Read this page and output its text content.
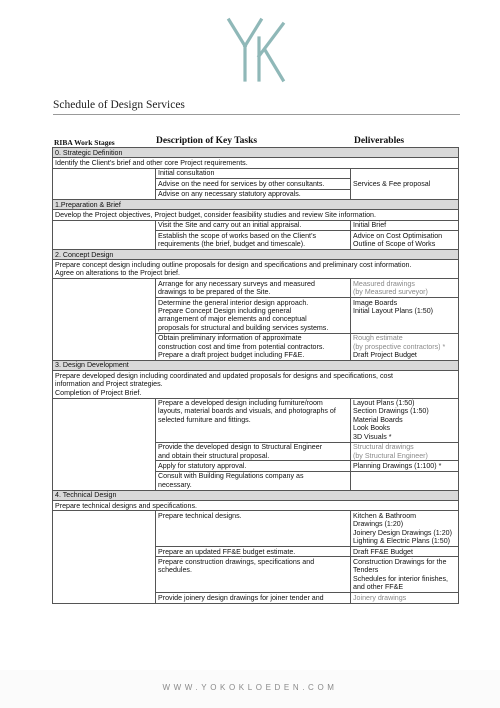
Schedule of Design Services
RIBA Work Stages	Description of Key Tasks	Deliverables
0. Strategic Definition		
Identify the Client’s brief and other core Project requirements.		
	Initial consultation	Services & Fee proposal
	Advise on the need for services by other consultants.	
	Advise on any necessary statutory approvals.	
1.Preparation & Brief		
Develop the Project objectives, Project budget, consider feasibility studies and review Site information.		
	Visit the Site and carry out an initial appraisal.	Initial Brief

	Establish the scope of works based on the Client’s
requirements (the brief, budget and timescale).	Advice on Cost Optimisation
Outline of Scope of Works

2. Concept Design		

Prepare concept design including outline proposals for design and specifications and preliminary cost information.
Agree on alterations to the Project brief.		

	Arrange for any necessary surveys and measured
drawings to be prepared of the Site.	Measured drawings
(by Measured surveyor)

	Determine the general interior design approach.
Prepare Concept Design including general
arrangement of major elements and conceptual
proposals for structural and building services systems.	Image Boards
Initial Layout Plans (1:50)

	Obtain preliminary information of approximate
construction cost and time from potential contractors.
Prepare a draft project budget including FF&E.	Rough estimate
(by prospective contractors) *
Draft Project Budget

3. Design Development		

Prepare developed design including coordinated and updated proposals for designs and specifications, cost
information and Project strategies.
Completion of Project Brief.		

	Prepare a developed design including furniture/room
layouts, material boards and visuals, and photographs of
selected furniture and fittings.	Layout Plans (1:50)
Section Drawings (1:50)
Material Boards
Look Books
3D Visuals *

	Provide the developed design to Structural Engineer
and obtain their structural proposal.	Structural drawings
(by Structural Engineer)

	Apply for statutory approval.	Planning Drawings (1:100) *

	Consult with Building Regulations company as
necessary.	

4. Technical Design		
Prepare technical designs and specifications.		
	Prepare technical designs.	Kitchen & Bathroom
Drawings (1:20)
Joinery Design Drawings (1:20)
Lighting & Electric Plans (1:50)

	Prepare an updated FF&E budget estimate.	Draft FF&E Budget

	Prepare construction drawings, specifications and
schedules.	Construction Drawings for the
Tenders
Schedules for interior finishes,
and other FF&E

	Provide joinery design drawings for joiner tender and	Joinery drawings
WWW.YOKOKLOEDEN.COM
